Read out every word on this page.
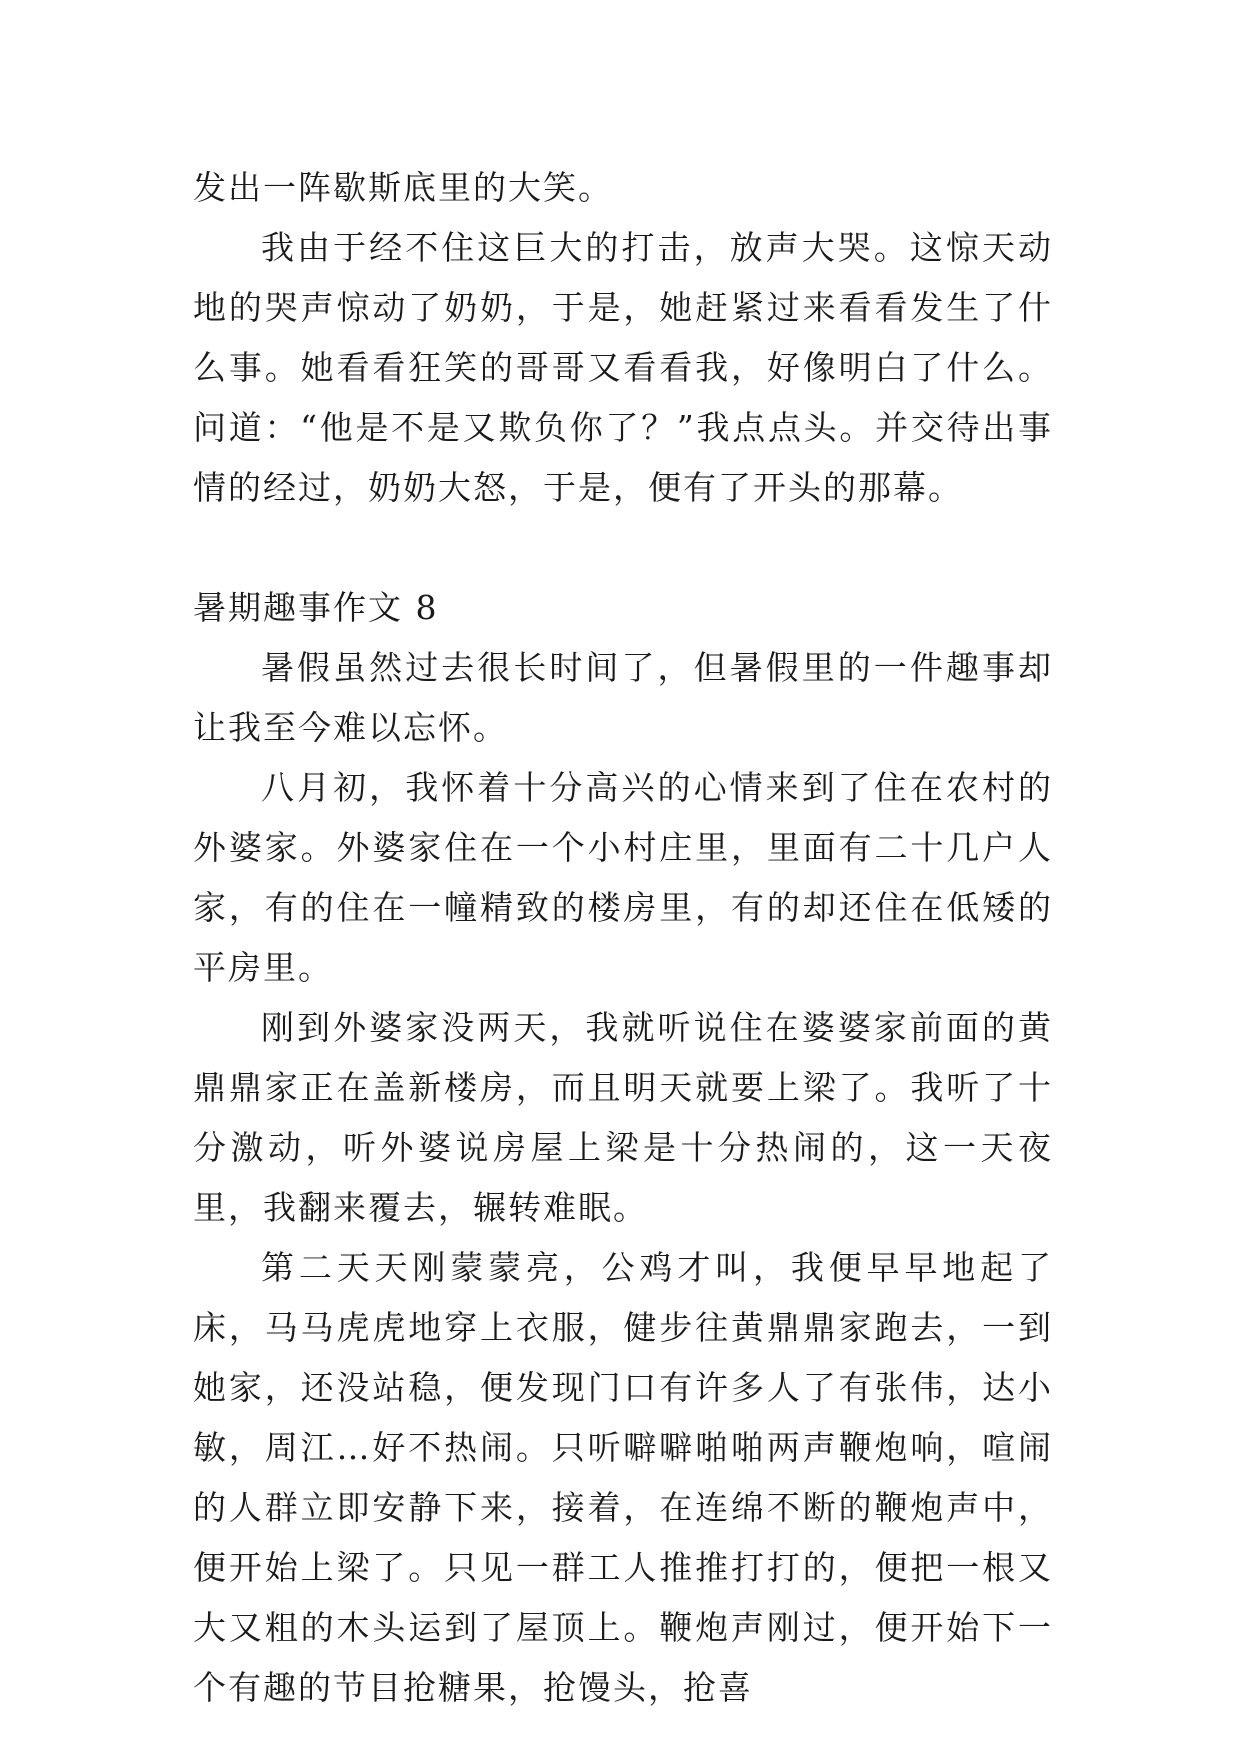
发出一阵歇斯底里的大笑。

我由于经不住这巨大的打击，放声大哭。这惊天动地的哭声惊动了奶奶，于是，她赶紧过来看看发生了什么事。她看看狂笑的哥哥又看看我，好像明白了什么。问道：“他是不是又欺负你了？”我点点头。并交待出事情的经过，奶奶大怒，于是，便有了开头的那幕。

暑期趣事作文 8

暑假虽然过去很长时间了，但暑假里的一件趣事却让我至今难以忘怀。

八月初，我怀着十分高兴的心情来到了住在农村的外婆家。外婆家住在一个小村庄里，里面有二十几户人家，有的住在一幢精致的楼房里，有的却还住在低矮的平房里。

刚到外婆家没两天，我就听说住在婆婆家前面的黄鼎鼎家正在盖新楼房，而且明天就要上梁了。我听了十分激动，听外婆说房屋上梁是十分热闹的，这一天夜里，我翻来覆去，辗转难眠。

第二天天刚蒙蒙亮，公鸡才叫，我便早早地起了床，马马虎虎地穿上衣服，健步往黄鼎鼎家跑去，一到她家，还没站稳，便发现门口有许多人了有张伟，达小敏，周江…好不热闹。只听噼噼啪啪两声鞭炮响，喧闹的人群立即安静下来，接着，在连绵不断的鞭炮声中，便开始上梁了。只见一群工人推推打打的，便把一根又大又粗的木头运到了屋顶上。鞭炮声刚过，便开始下一个有趣的节目抢糖果，抢馒头，抢喜
